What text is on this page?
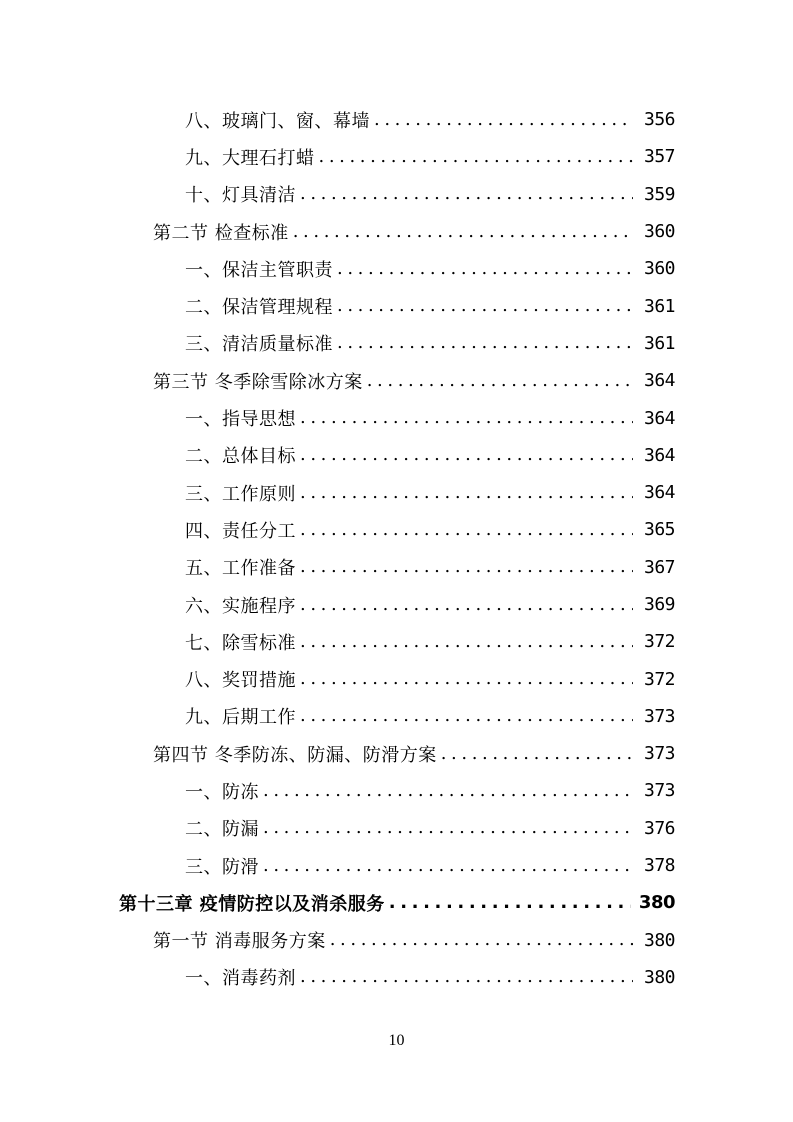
八、玻璃门、窗、幕墙 .....	356
九、大理石打蜡 .....	357
十、灯具清洁 .....	359
第二节 检查标准 .....	360
一、保洁主管职责 .....	360
二、保洁管理规程 .....	361
三、清洁质量标准 .....	361
第三节 冬季除雪除冰方案 .....	364
一、指导思想 .....	364
二、总体目标 .....	364
三、工作原则 .....	364
四、责任分工 .....	365
五、工作准备 .....	367
六、实施程序 .....	369
七、除雪标准 .....	372
八、奖罚措施 .....	372
九、后期工作 .....	373
第四节 冬季防冻、防漏、防滑方案 .....	373
一、防冻 .....	373
二、防漏 .....	376
三、防滑 .....	378
第十三章 疫情防控以及消杀服务 .....	380
第一节 消毒服务方案 .....	380
一、消毒药剂 .....	380
10
